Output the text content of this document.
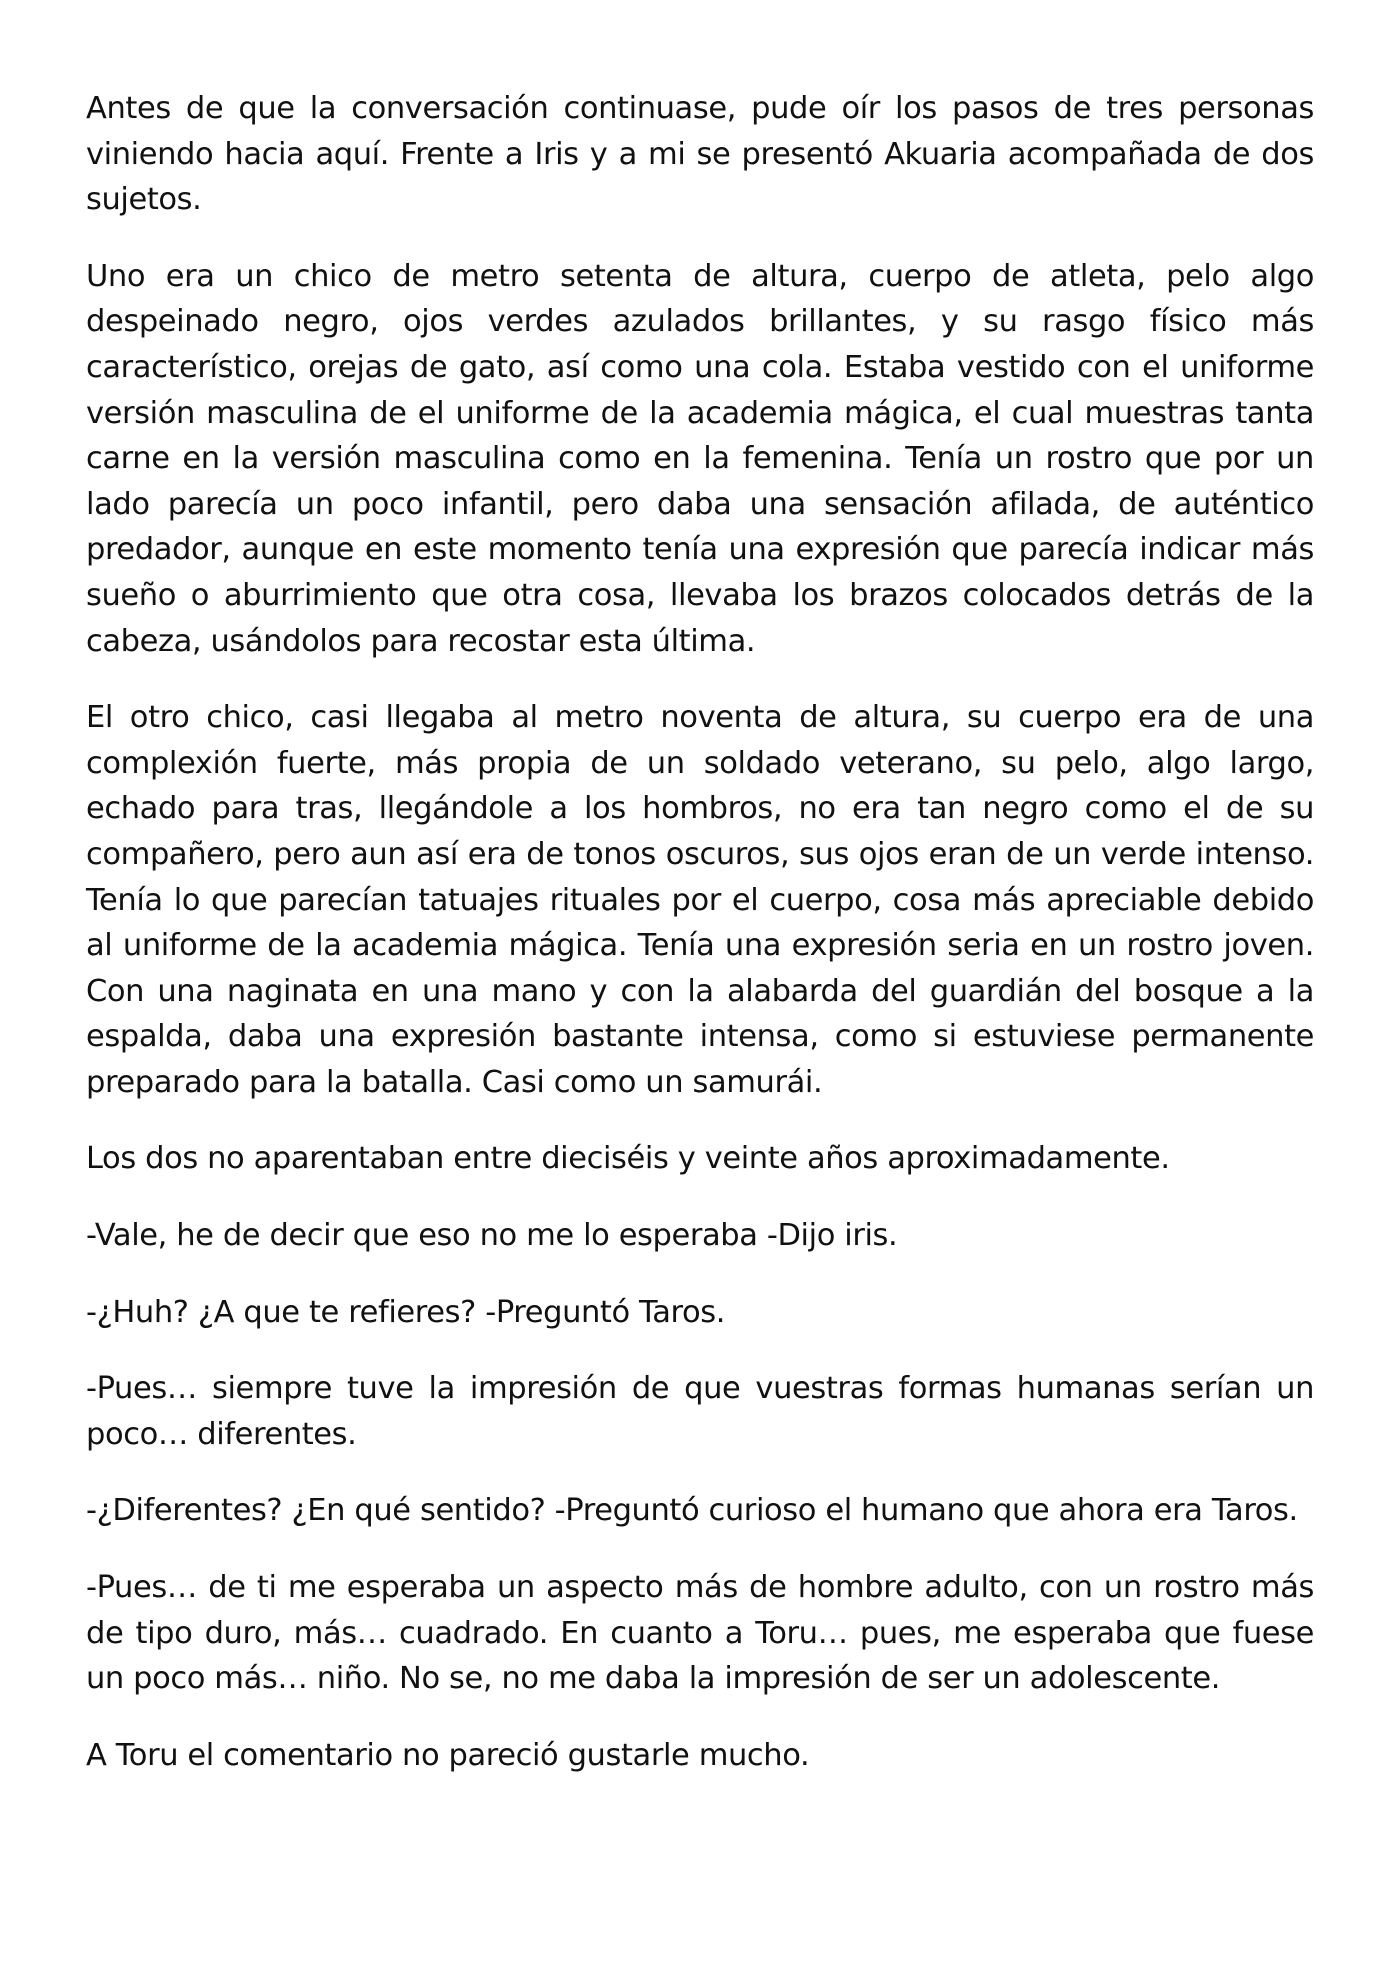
Antes de que la conversación continuase, pude oír los pasos de tres personas viniendo hacia aquí. Frente a Iris y a mi se presentó Akuaria acompañada de dos sujetos.

Uno era un chico de metro setenta de altura, cuerpo de atleta, pelo algo despeinado negro, ojos verdes azulados brillantes, y su rasgo físico más característico, orejas de gato, así como una cola. Estaba vestido con el uniforme versión masculina de el uniforme de la academia mágica, el cual muestras tanta carne en la versión masculina como en la femenina. Tenía un rostro que por un lado parecía un poco infantil, pero daba una sensación afilada, de auténtico predador, aunque en este momento tenía una expresión que parecía indicar más sueño o aburrimiento que otra cosa, llevaba los brazos colocados detrás de la cabeza, usándolos para recostar esta última.

El otro chico, casi llegaba al metro noventa de altura, su cuerpo era de una complexión fuerte, más propia de un soldado veterano, su pelo, algo largo, echado para tras, llegándole a los hombros, no era tan negro como el de su compañero, pero aun así era de tonos oscuros, sus ojos eran de un verde intenso. Tenía lo que parecían tatuajes rituales por el cuerpo, cosa más apreciable debido al uniforme de la academia mágica. Tenía una expresión seria en un rostro joven. Con una naginata en una mano y con la alabarda del guardián del bosque a la espalda, daba una expresión bastante intensa, como si estuviese permanente preparado para la batalla. Casi como un samurái.

Los dos no aparentaban entre dieciséis y veinte años aproximadamente.

-Vale, he de decir que eso no me lo esperaba -Dijo iris.

-¿Huh? ¿A que te refieres? -Preguntó Taros.

-Pues… siempre tuve la impresión de que vuestras formas humanas serían un poco… diferentes.

-¿Diferentes? ¿En qué sentido? -Preguntó curioso el humano que ahora era Taros.

-Pues… de ti me esperaba un aspecto más de hombre adulto, con un rostro más de tipo duro, más… cuadrado. En cuanto a Toru… pues, me esperaba que fuese un poco más… niño. No se, no me daba la impresión de ser un adolescente.

A Toru el comentario no pareció gustarle mucho.
